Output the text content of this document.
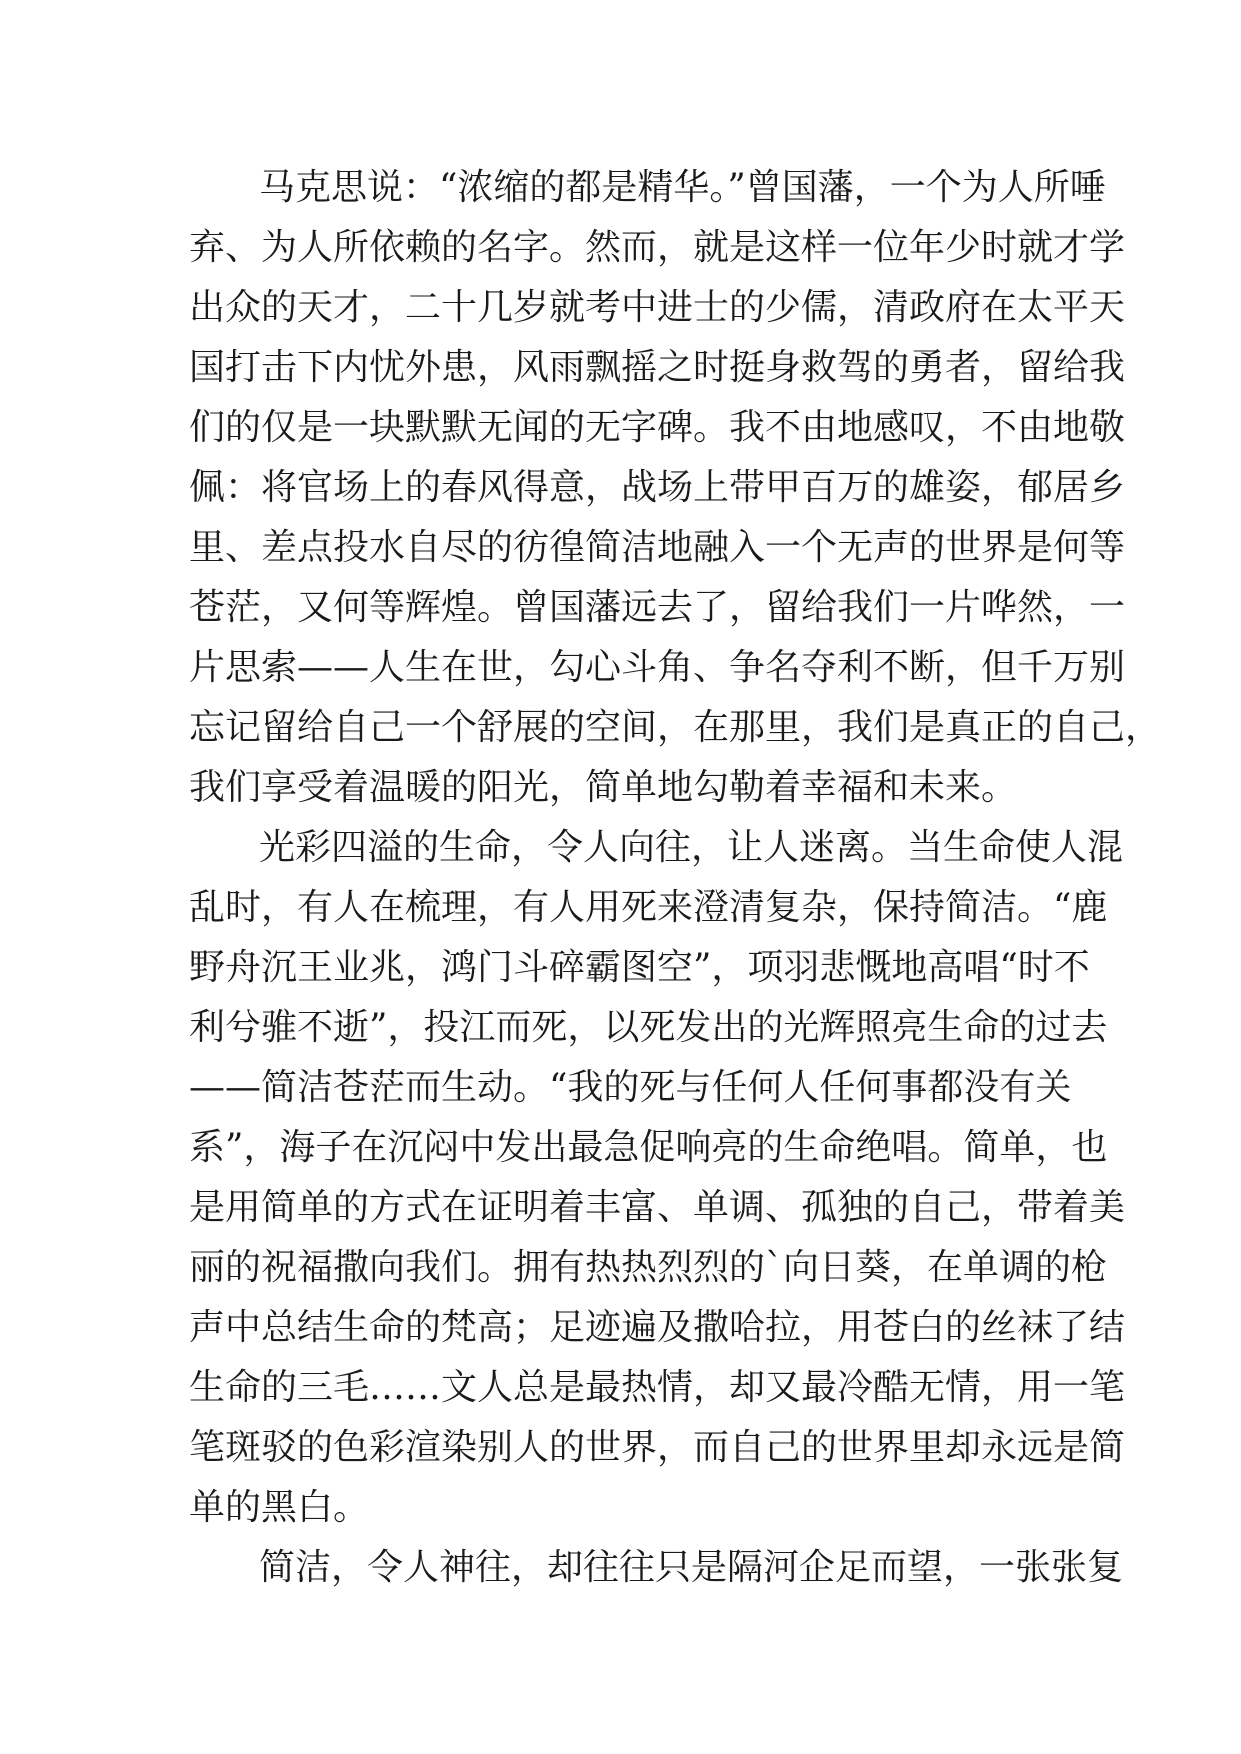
马克思说：“浓缩的都是精华。”曾国藩，一个为人所唾
弃、为人所依赖的名字。然而，就是这样一位年少时就才学
出众的天才，二十几岁就考中进士的少儒，清政府在太平天
国打击下内忧外患，风雨飘摇之时挺身救驾的勇者，留给我
们的仅是一块默默无闻的无字碑。我不由地感叹，不由地敬
佩：将官场上的春风得意，战场上带甲百万的雄姿，郁居乡
里、差点投水自尽的彷徨简洁地融入一个无声的世界是何等
苍茫，又何等辉煌。曾国藩远去了，留给我们一片哗然，一
片思索——人生在世，勾心斗角、争名夺利不断，但千万别
忘记留给自己一个舒展的空间，在那里，我们是真正的自己，
我们享受着温暖的阳光，简单地勾勒着幸福和未来。
光彩四溢的生命，令人向往，让人迷离。当生命使人混
乱时，有人在梳理，有人用死来澄清复杂，保持简洁。“鹿
野舟沉王业兆，鸿门斗碎霸图空”，项羽悲慨地高唱“时不
利兮骓不逝”，投江而死，以死发出的光辉照亮生命的过去
——简洁苍茫而生动。“我的死与任何人任何事都没有关
系”，海子在沉闷中发出最急促响亮的生命绝唱。简单，也
是用简单的方式在证明着丰富、单调、孤独的自己，带着美
丽的祝福撒向我们。拥有热热烈烈的`向日葵，在单调的枪
声中总结生命的梵高；足迹遍及撒哈拉，用苍白的丝袜了结
生命的三毛……文人总是最热情，却又最冷酷无情，用一笔
笔斑驳的色彩渲染别人的世界，而自己的世界里却永远是简
单的黑白。
简洁，令人神往，却往往只是隔河企足而望，一张张复
